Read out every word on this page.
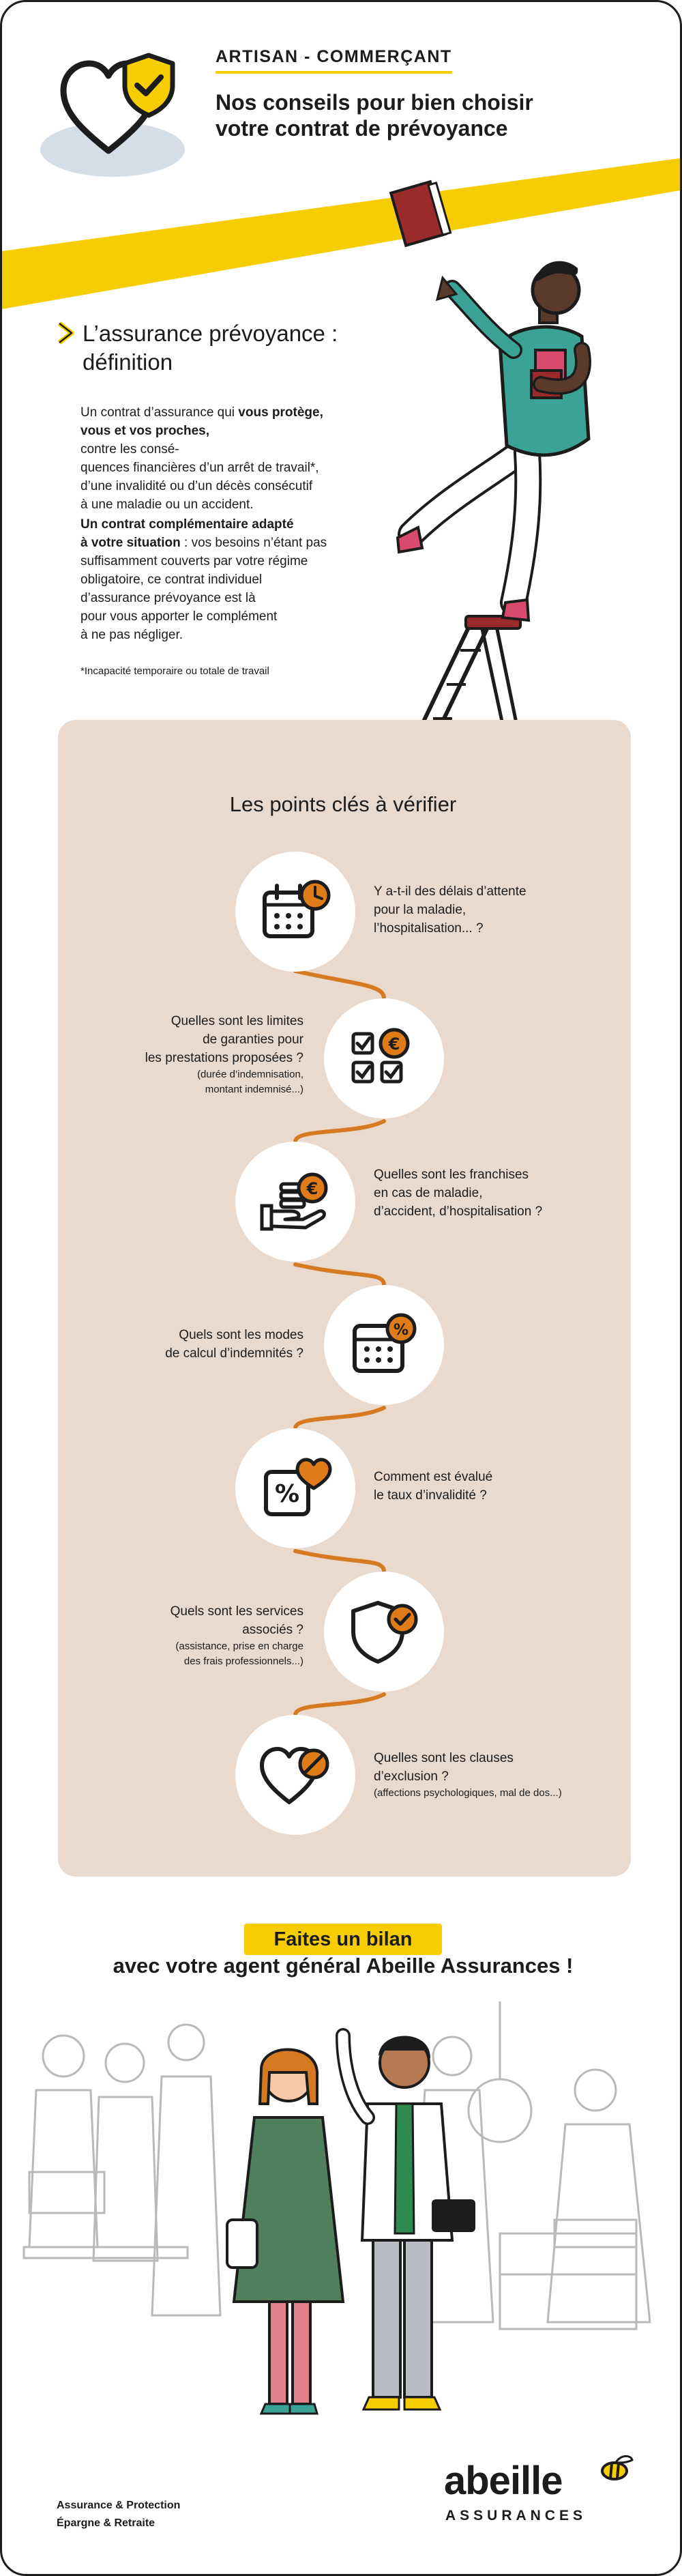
ARTISAN - COMMERÇANT
Nos conseils pour bien choisir
votre contrat de prévoyance
L’assurance prévoyance :
définition
Un contrat d’assurance qui vous protège,
vous et vos proches,
contre les consé-
quences financières d’un arrêt de travail*,
d’une invalidité ou d’un décès consécutif
à une maladie ou un accident.
Un contrat complémentaire adapté
à votre situation : vos besoins n’étant pas
suffisamment couverts par votre régime
obligatoire, ce contrat individuel
d’assurance prévoyance est là
pour vous apporter le complément
à ne pas négliger.
*Incapacité temporaire ou totale de travail
Les points clés à vérifier
Y a-t-il des délais d’attente
pour la maladie,
l’hospitalisation... ?
€
Quelles sont les limites
de garanties pour
les prestations proposées ?
(durée d’indemnisation,
montant indemnisé...)
€
Quelles sont les franchises
en cas de maladie,
d’accident, d’hospitalisation ?
%
Quels sont les modes
de calcul d’indemnités ?
%
Comment est évalué
le taux d’invalidité ?
Quels sont les services
associés ?
(assistance, prise en charge
des frais professionnels...)
Quelles sont les clauses
d’exclusion ?
(affections psychologiques, mal de dos...)
Faites un bilan
avec votre agent général Abeille Assurances !
Assurance & Protection
Épargne & Retraite
abeille
ASSURANCES
